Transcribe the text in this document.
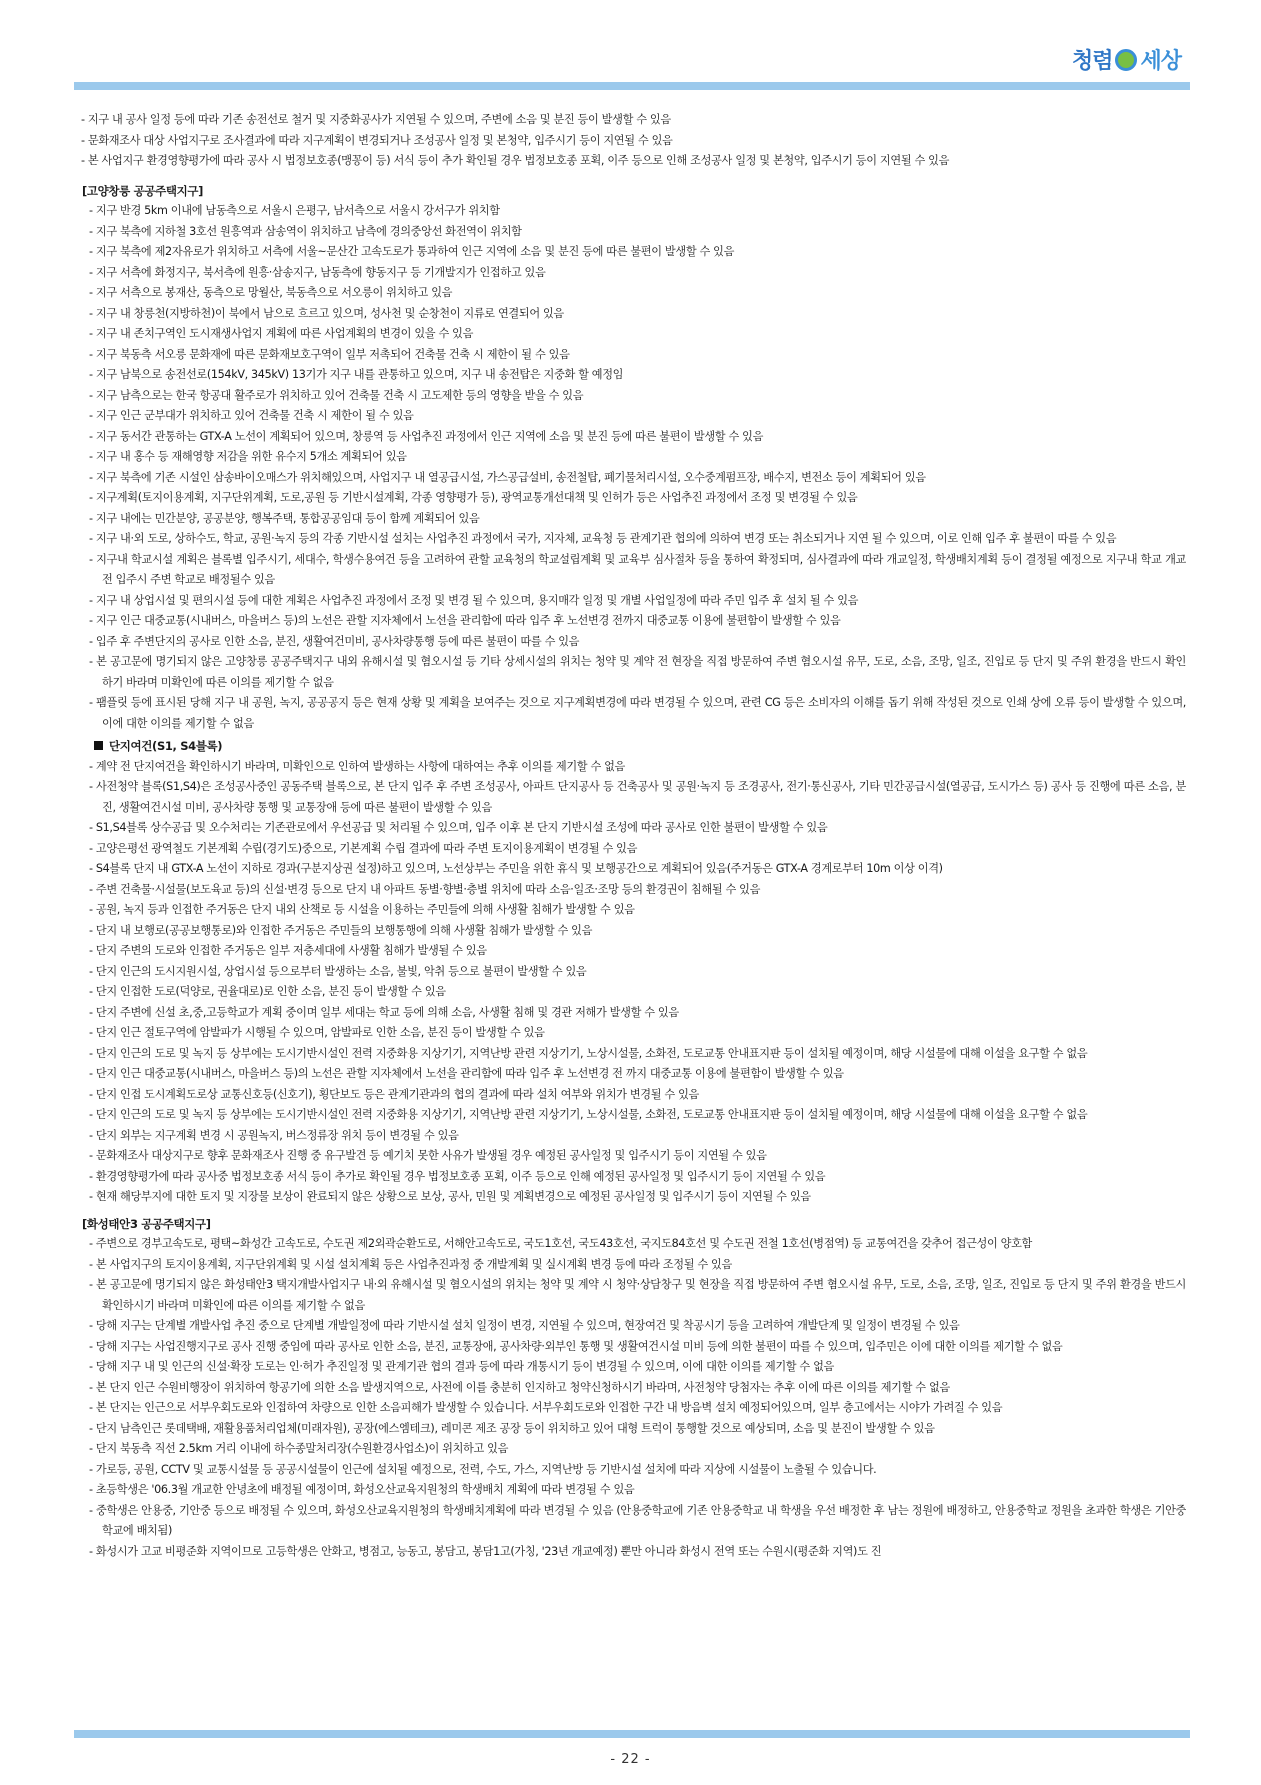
청렴 세상
- 지구 내 공사 일정 등에 따라 기존 송전선로 철거 및 지중화공사가 지연될 수 있으며, 주변에 소음 및 분진 등이 발생할 수 있음
- 문화재조사 대상 사업지구로 조사결과에 따라 지구계획이 변경되거나 조성공사 일정 및 본청약, 입주시기 등이 지연될 수 있음
- 본 사업지구 환경영향평가에 따라 공사 시 법정보호종(맹꽁이 등) 서식 등이 추가 확인될 경우 법정보호종 포획, 이주 등으로 인해 조성공사 일정 및 본청약, 입주시기 등이 지연될 수 있음
[고양창릉 공공주택지구]
- 지구 반경 5km 이내에 남동측으로 서울시 은평구, 남서측으로 서울시 강서구가 위치함
- 지구 북측에 지하철 3호선 원흥역과 삼송역이 위치하고 남측에 경의중앙선 화전역이 위치함
- 지구 북측에 제2자유로가 위치하고 서측에 서울~문산간 고속도로가 통과하여 인근 지역에 소음 및 분진 등에 따른 불편이 발생할 수 있음
- 지구 서측에 화정지구, 북서측에 원흥·삼송지구, 남동측에 향동지구 등 기개발지가 인접하고 있음
- 지구 서측으로 봉재산, 동측으로 망월산, 북동측으로 서오릉이 위치하고 있음
- 지구 내 창릉천(지방하천)이 북에서 남으로 흐르고 있으며, 성사천 및 순창천이 지류로 연결되어 있음
- 지구 내 존치구역인 도시재생사업지 계획에 따른 사업계획의 변경이 있을 수 있음
- 지구 북동측 서오릉 문화재에 따른 문화재보호구역이 일부 저촉되어 건축물 건축 시 제한이 될 수 있음
- 지구 남북으로 송전선로(154kV, 345kV) 13기가 지구 내를 관통하고 있으며, 지구 내 송전탑은 지중화 할 예정임
- 지구 남측으로는 한국 항공대 활주로가 위치하고 있어 건축물 건축 시 고도제한 등의 영향을 받을 수 있음
- 지구 인근 군부대가 위치하고 있어 건축물 건축 시 제한이 될 수 있음
- 지구 동서간 관통하는 GTX-A 노선이 계획되어 있으며, 창릉역 등 사업추진 과정에서 인근 지역에 소음 및 분진 등에 따른 불편이 발생할 수 있음
- 지구 내 홍수 등 재해영향 저감을 위한 유수지 5개소 계획되어 있음
- 지구 북측에 기존 시설인 삼송바이오매스가 위치해있으며, 사업지구 내 열공급시설, 가스공급설비, 송전철탑, 폐기물처리시설, 오수중계펌프장, 배수지, 변전소 등이 계획되어 있음
- 지구계획(토지이용계획, 지구단위계획, 도로,공원 등 기반시설계획, 각종 영향평가 등), 광역교통개선대책 및 인허가 등은 사업추진 과정에서 조정 및 변경될 수 있음
- 지구 내에는 민간분양, 공공분양, 행복주택, 통합공공임대 등이 함께 계획되어 있음
- 지구 내·외 도로, 상하수도, 학교, 공원·녹지 등의 각종 기반시설 설치는 사업추진 과정에서 국가, 지자체, 교육청 등 관계기관 협의에 의하여 변경 또는 취소되거나 지연 될 수 있으며, 이로 인해 입주 후 불편이 따를 수 있음
- 지구내 학교시설 계획은 블록별 입주시기, 세대수, 학생수용여건 등을 고려하여 관할 교육청의 학교설립계획 및 교육부 심사절차 등을 통하여 확정되며, 심사결과에 따라 개교일정, 학생배치계획 등이 결정될 예정으로 지구내 학교 개교전 입주시 주변 학교로 배정될수 있음
- 지구 내 상업시설 및 편의시설 등에 대한 계획은 사업추진 과정에서 조정 및 변경 될 수 있으며, 용지매각 일정 및 개별 사업일정에 따라 주민 입주 후 설치 될 수 있음
- 지구 인근 대중교통(시내버스, 마을버스 등)의 노선은 관할 지자체에서 노선을 관리함에 따라 입주 후 노선변경 전까지 대중교통 이용에 불편함이 발생할 수 있음
- 입주 후 주변단지의 공사로 인한 소음, 분진, 생활여건미비, 공사차량통행 등에 따른 불편이 따를 수 있음
- 본 공고문에 명기되지 않은 고양창릉 공공주택지구 내외 유해시설 및 혐오시설 등 기타 상세시설의 위치는 청약 및 계약 전 현장을 직접 방문하여 주변 혐오시설 유무, 도로, 소음, 조망, 일조, 진입로 등 단지 및 주위 환경을 반드시 확인하기 바라며 미확인에 따른 이의를 제기할 수 없음
- 팸플릿 등에 표시된 당해 지구 내 공원, 녹지, 공공공지 등은 현재 상황 및 계획을 보여주는 것으로 지구계획변경에 따라 변경될 수 있으며, 관련 CG 등은 소비자의 이해를 돕기 위해 작성된 것으로 인쇄 상에 오류 등이 발생할 수 있으며, 이에 대한 이의를 제기할 수 없음
단지여건(S1, S4블록)
- 계약 전 단지여건을 확인하시기 바라며, 미확인으로 인하여 발생하는 사항에 대하여는 추후 이의를 제기할 수 없음
- 사전청약 블록(S1,S4)은 조성공사중인 공동주택 블록으로, 본 단지 입주 후 주변 조성공사, 아파트 단지공사 등 건축공사 및 공원·녹지 등 조경공사, 전기·통신공사, 기타 민간공급시설(열공급, 도시가스 등) 공사 등 진행에 따른 소음, 분진, 생활여건시설 미비, 공사차량 통행 및 교통장애 등에 따른 불편이 발생할 수 있음
- S1,S4블록 상수공급 및 오수처리는 기존관로에서 우선공급 및 처리될 수 있으며, 입주 이후 본 단지 기반시설 조성에 따라 공사로 인한 불편이 발생할 수 있음
- 고양은평선 광역철도 기본계획 수립(경기도)중으로, 기본계획 수립 결과에 따라 주변 토지이용계획이 변경될 수 있음
- S4블록 단지 내 GTX-A 노선이 지하로 경과(구분지상권 설정)하고 있으며, 노선상부는 주민을 위한 휴식 및 보행공간으로 계획되어 있음(주거동은 GTX-A 경계로부터 10m 이상 이격)
- 주변 건축물·시설물(보도육교 등)의 신설·변경 등으로 단지 내 아파트 동별·향별·층별 위치에 따라 소음·일조·조망 등의 환경권이 침해될 수 있음
- 공원, 녹지 등과 인접한 주거동은 단지 내외 산책로 등 시설을 이용하는 주민들에 의해 사생활 침해가 발생할 수 있음
- 단지 내 보행로(공공보행통로)와 인접한 주거동은 주민들의 보행통행에 의해 사생활 침해가 발생할 수 있음
- 단지 주변의 도로와 인접한 주거동은 일부 저층세대에 사생활 침해가 발생될 수 있음
- 단지 인근의 도시지원시설, 상업시설 등으로부터 발생하는 소음, 불빛, 악취 등으로 불편이 발생할 수 있음
- 단지 인접한 도로(덕양로, 권율대로)로 인한 소음, 분진 등이 발생할 수 있음
- 단지 주변에 신설 초,중,고등학교가 계획 중이며 일부 세대는 학교 등에 의해 소음, 사생활 침해 및 경관 저해가 발생할 수 있음
- 단지 인근 절토구역에 암발파가 시행될 수 있으며, 암발파로 인한 소음, 분진 등이 발생할 수 있음
- 단지 인근의 도로 및 녹지 등 상부에는 도시기반시설인 전력 지중화용 지상기기, 지역난방 관련 지상기기, 노상시설물, 소화전, 도로교통 안내표지판 등이 설치될 예정이며, 해당 시설물에 대해 이설을 요구할 수 없음
- 단지 인근 대중교통(시내버스, 마을버스 등)의 노선은 관할 지자체에서 노선을 관리함에 따라 입주 후 노선변경 전 까지 대중교통 이용에 불편함이 발생할 수 있음
- 단지 인접 도시계획도로상 교통신호등(신호기), 횡단보도 등은 관계기관과의 협의 결과에 따라 설치 여부와 위치가 변경될 수 있음
- 단지 인근의 도로 및 녹지 등 상부에는 도시기반시설인 전력 지중화용 지상기기, 지역난방 관련 지상기기, 노상시설물, 소화전, 도로교통 안내표지판 등이 설치될 예정이며, 해당 시설물에 대해 이설을 요구할 수 없음
- 단지 외부는 지구계획 변경 시 공원녹지, 버스정류장 위치 등이 변경될 수 있음
- 문화재조사 대상지구로 향후 문화재조사 진행 중 유구발견 등 예기치 못한 사유가 발생될 경우 예정된 공사일정 및 입주시기 등이 지연될 수 있음
- 환경영향평가에 따라 공사중 법정보호종 서식 등이 추가로 확인될 경우 법정보호종 포획, 이주 등으로 인해 예정된 공사일정 및 입주시기 등이 지연될 수 있음
- 현재 해당부지에 대한 토지 및 지장물 보상이 완료되지 않은 상황으로 보상, 공사, 민원 및 계획변경으로 예정된 공사일정 및 입주시기 등이 지연될 수 있음
[화성태안3 공공주택지구]
- 주변으로 경부고속도로, 평택~화성간 고속도로, 수도권 제2외곽순환도로, 서해안고속도로, 국도1호선, 국도43호선, 국지도84호선 및 수도권 전철 1호선(병점역) 등 교통여건을 갖추어 접근성이 양호함
- 본 사업지구의 토지이용계획, 지구단위계획 및 시설 설치계획 등은 사업추진과정 중 개발계획 및 실시계획 변경 등에 따라 조정될 수 있음
- 본 공고문에 명기되지 않은 화성태안3 택지개발사업지구 내·외 유해시설 및 혐오시설의 위치는 청약 및 계약 시 청약·상담창구 및 현장을 직접 방문하여 주변 혐오시설 유무, 도로, 소음, 조망, 일조, 진입로 등 단지 및 주위 환경을 반드시 확인하시기 바라며 미확인에 따른 이의를 제기할 수 없음
- 당해 지구는 단계별 개발사업 추진 중으로 단계별 개발일정에 따라 기반시설 설치 일정이 변경, 지연될 수 있으며, 현장여건 및 착공시기 등을 고려하여 개발단계 및 일정이 변경될 수 있음
- 당해 지구는 사업진행지구로 공사 진행 중임에 따라 공사로 인한 소음, 분진, 교통장애, 공사차량·외부인 통행 및 생활여건시설 미비 등에 의한 불편이 따를 수 있으며, 입주민은 이에 대한 이의를 제기할 수 없음
- 당해 지구 내 및 인근의 신설·확장 도로는 인·허가 추진일정 및 관계기관 협의 결과 등에 따라 개통시기 등이 변경될 수 있으며, 이에 대한 이의를 제기할 수 없음
- 본 단지 인근 수원비행장이 위치하여 항공기에 의한 소음 발생지역으로, 사전에 이를 충분히 인지하고 청약신청하시기 바라며, 사전청약 당첨자는 추후 이에 따른 이의를 제기할 수 없음
- 본 단지는 인근으로 서부우회도로와 인접하여 차량으로 인한 소음피해가 발생할 수 있습니다. 서부우회도로와 인접한 구간 내 방음벽 설치 예정되어있으며, 일부 층고에서는 시야가 가려질 수 있음
- 단지 남측인근 롯데택배, 재활용품처리업체(미래자원), 공장(에스엠테크), 레미콘 제조 공장 등이 위치하고 있어 대형 트럭이 통행할 것으로 예상되며, 소음 및 분진이 발생할 수 있음
- 단지 북동측 직선 2.5km 거리 이내에 하수종말처리장(수원환경사업소)이 위치하고 있음
- 가로등, 공원, CCTV 및 교통시설물 등 공공시설물이 인근에 설치될 예정으로, 전력, 수도, 가스, 지역난방 등 기반시설 설치에 따라 지상에 시설물이 노출될 수 있습니다.
- 초등학생은 '06.3월 개교한 안녕초에 배정될 예정이며, 화성오산교육지원청의 학생배치 계획에 따라 변경될 수 있음
- 중학생은 안용중, 기안중 등으로 배정될 수 있으며, 화성오산교육지원청의 학생배치계획에 따라 변경될 수 있음 (안용중학교에 기존 안용중학교 내 학생을 우선 배정한 후 남는 정원에 배정하고, 안용중학교 정원을 초과한 학생은 기안중학교에 배치됨)
- 화성시가 고교 비평준화 지역이므로 고등학생은 안화고, 병점고, 능동고, 봉담고, 봉담1고(가칭, '23년 개교예정) 뿐만 아니라 화성시 전역 또는 수원시(평준화 지역)도 진
- 22 -
